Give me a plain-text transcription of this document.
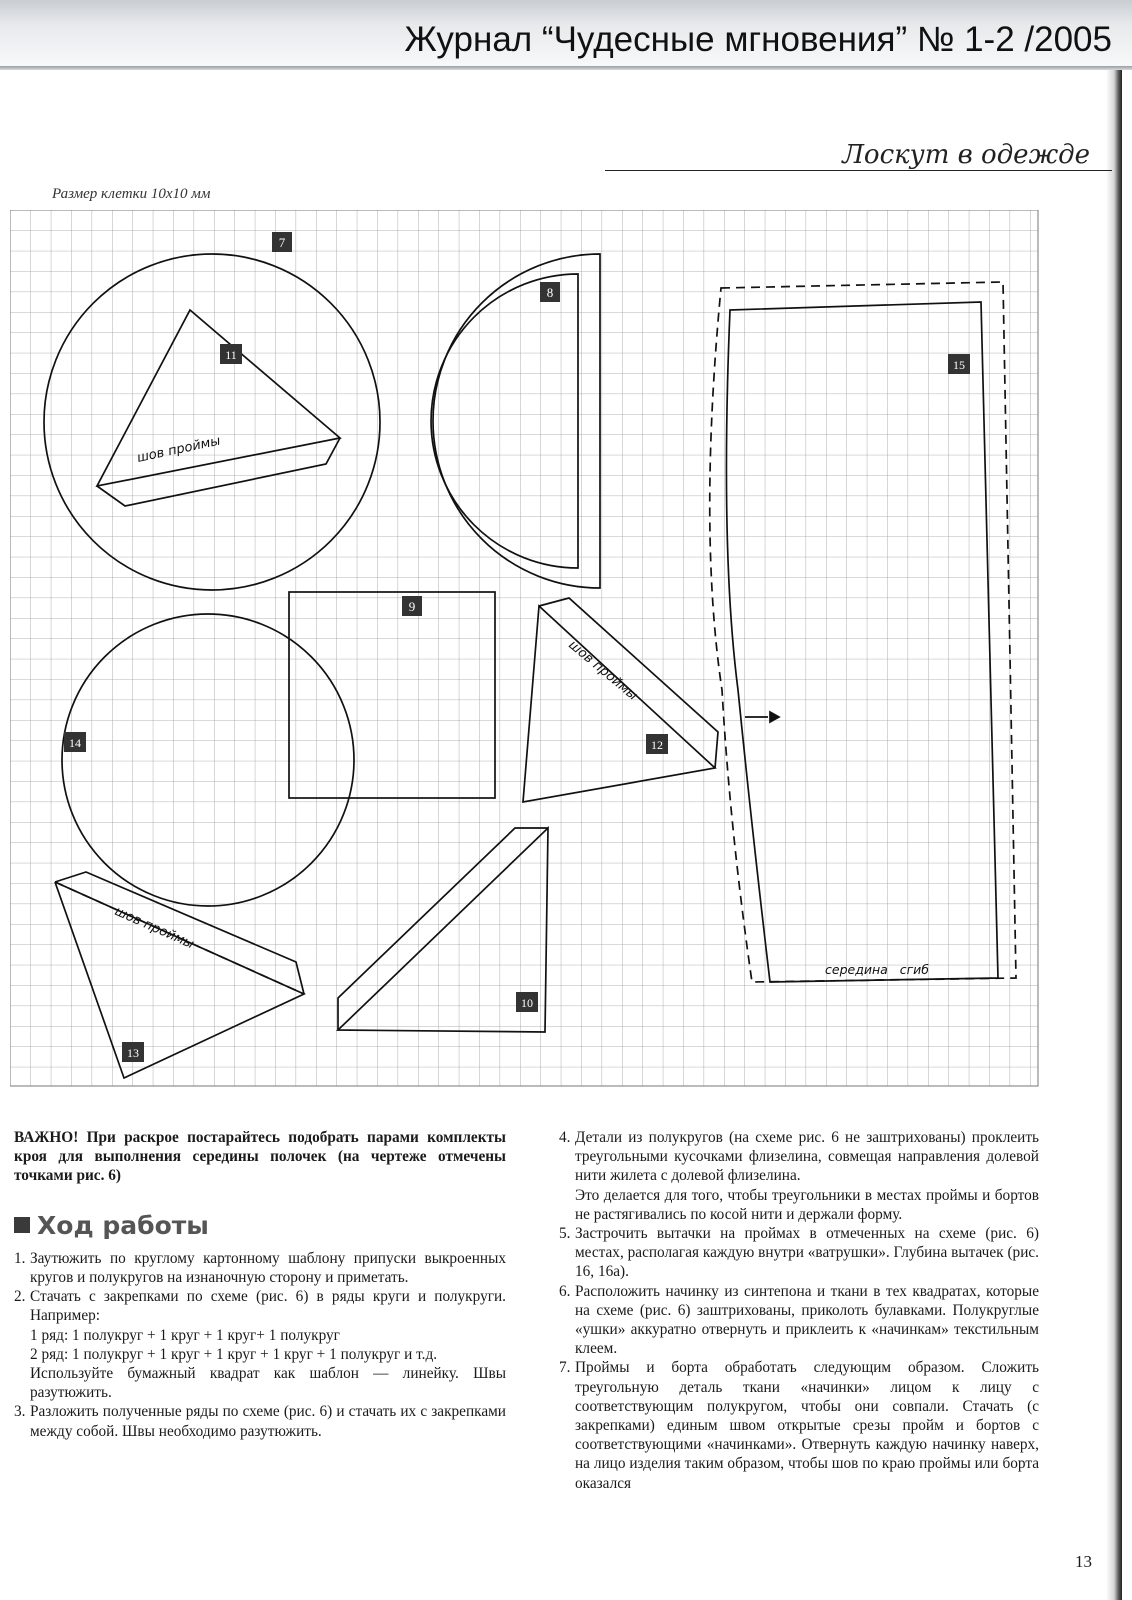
Журнал “Чудесные мгновения” № 1-2 /2005
Лоскут в одежде
Размер клетки 10х10 мм
7
8
9
10
11
12
13
14
15
шов проймы
шов проймы
шов проймы
середина   сгиб

ВАЖНО! При раскрое постарайтесь подобрать парами комплекты кроя для выполнения середины полочек (на чертеже отмечены точками рис. 6)

Ход работы
1. Заутюжить по круглому картонному шаблону припуски выкроенных кругов и полукругов на изнаночную сторону и приметать.
2. Стачать с закрепками по схеме (рис. 6) в ряды круги и полукруги. Например:
1 ряд: 1 полукруг + 1 круг + 1 круг+ 1 полукруг
2 ряд: 1 полукруг + 1 круг + 1 круг + 1 круг + 1 полукруг и т.д.
Используйте бумажный квадрат как шаблон — линейку. Швы разутюжить.
3. Разложить полученные ряды по схеме (рис. 6) и стачать их с закрепками между собой. Швы необходимо разутюжить.
4. Детали из полукругов (на схеме рис. 6 не заштрихованы) проклеить треугольными кусочками флизелина, совмещая направления долевой нити жилета с долевой флизелина.
Это делается для того, чтобы треугольники в местах проймы и бортов не растягивались по косой нити и держали форму.
5. Застрочить вытачки на проймах в отмеченных на схеме (рис. 6) местах, располагая каждую внутри «ватрушки». Глубина вытачек (рис. 16, 16а).
6. Расположить начинку из синтепона и ткани в тех квадратах, которые на схеме (рис. 6) заштрихованы, приколоть булавками. Полукруглые «ушки» аккуратно отвернуть и приклеить к «начинкам» текстильным клеем.
7. Проймы и борта обработать следующим образом. Сложить треугольную деталь ткани «начинки» лицом к лицу с соответствующим полукругом, чтобы они совпали. Стачать (с закрепками) единым швом открытые срезы пройм и бортов с соответствующими «начинками». Отвернуть каждую начинку наверх, на лицо изделия таким образом, чтобы шов по краю проймы или борта оказался
13
